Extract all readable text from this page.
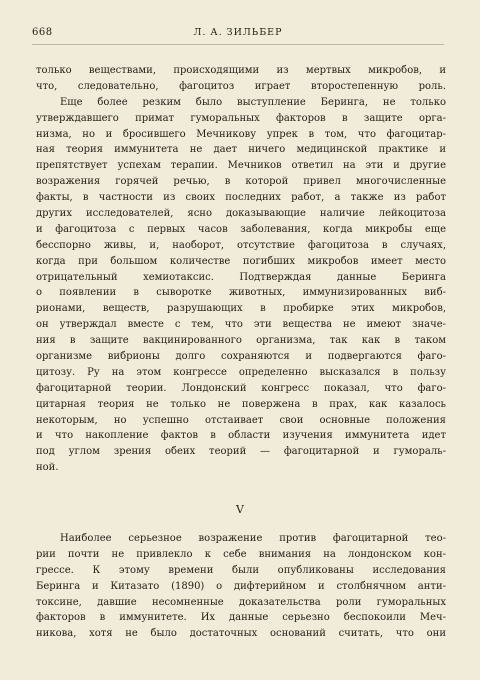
668	Л. А. ЗИЛЬБЕР
только веществами, происходящими из мертвых микробов, и
что, следовательно, фагоцитоз играет второстепенную роль.
Еще более резким было выступление Беринга, не только
утверждавшего примат гуморальных факторов в защите орга-
низма, но и бросившего Мечникову упрек в том, что фагоцитар-
ная теория иммунитета не дает ничего медицинской практике и
препятствует успехам терапии. Мечников ответил на эти и другие
возражения горячей речью, в которой привел многочисленные
факты, в частности из своих последних работ, а также из работ
других исследователей, ясно доказывающие наличие лейкоцитоза
и фагоцитоза с первых часов заболевания, когда микробы еще
бесспорно живы, и, наоборот, отсутствие фагоцитоза в случаях,
когда при большом количестве погибших микробов имеет место
отрицательный хемиотаксис. Подтверждая данные Беринга
о появлении в сыворотке животных, иммунизированных виб-
рионами, веществ, разрушающих в пробирке этих микробов,
он утверждал вместе с тем, что эти вещества не имеют значе-
ния в защите вакцинированного организма, так как в таком
организме вибрионы долго сохраняются и подвергаются фаго-
цитозу. Ру на этом конгрессе определенно высказался в пользу
фагоцитарной теории. Лондонский конгресс показал, что фаго-
цитарная теория не только не повержена в прах, как казалось
некоторым, но успешно отстаивает свои основные положения
и что накопление фактов в области изучения иммунитета идет
под углом зрения обеих теорий — фагоцитарной и гумораль-
ной.
V
Наиболее серьезное возражение против фагоцитарной тео-
рии почти не привлекло к себе внимания на лондонском кон-
грессе. К этому времени были опубликованы исследования
Беринга и Китазато (1890) о дифтерийном и столбнячном анти-
токсине, давшие несомненные доказательства роли гуморальных
факторов в иммунитете. Их данные серьезно беспокоили Меч-
никова, хотя не было достаточных оснований считать, что они
